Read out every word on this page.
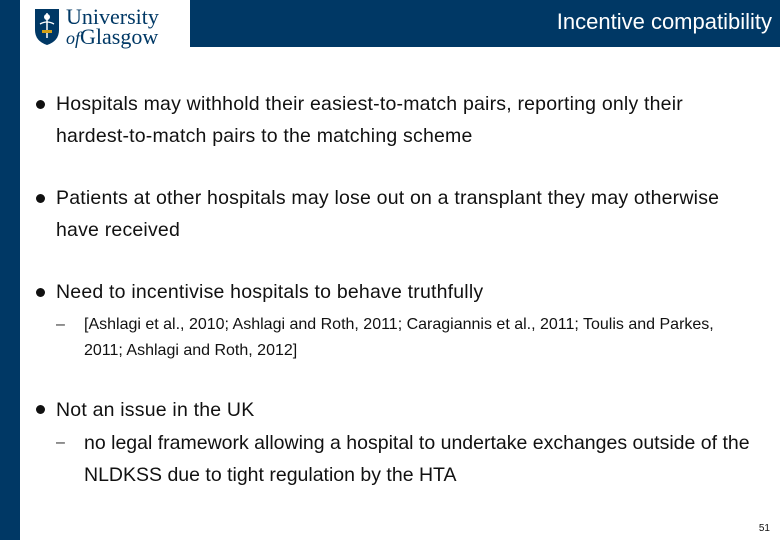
Incentive compatibility
University
ofGlasgow
Hospitals may withhold their easiest-to-match pairs, reporting only their hardest-to-match pairs to the matching scheme
Patients at other hospitals may lose out on a transplant they may otherwise have received
Need to incentivise hospitals to behave truthfully
– [Ashlagi et al., 2010; Ashlagi and Roth, 2011; Caragiannis et al., 2011; Toulis and Parkes, 2011; Ashlagi and Roth, 2012]
Not an issue in the UK
– no legal framework allowing a hospital to undertake exchanges outside of the NLDKSS due to tight regulation by the HTA
51
